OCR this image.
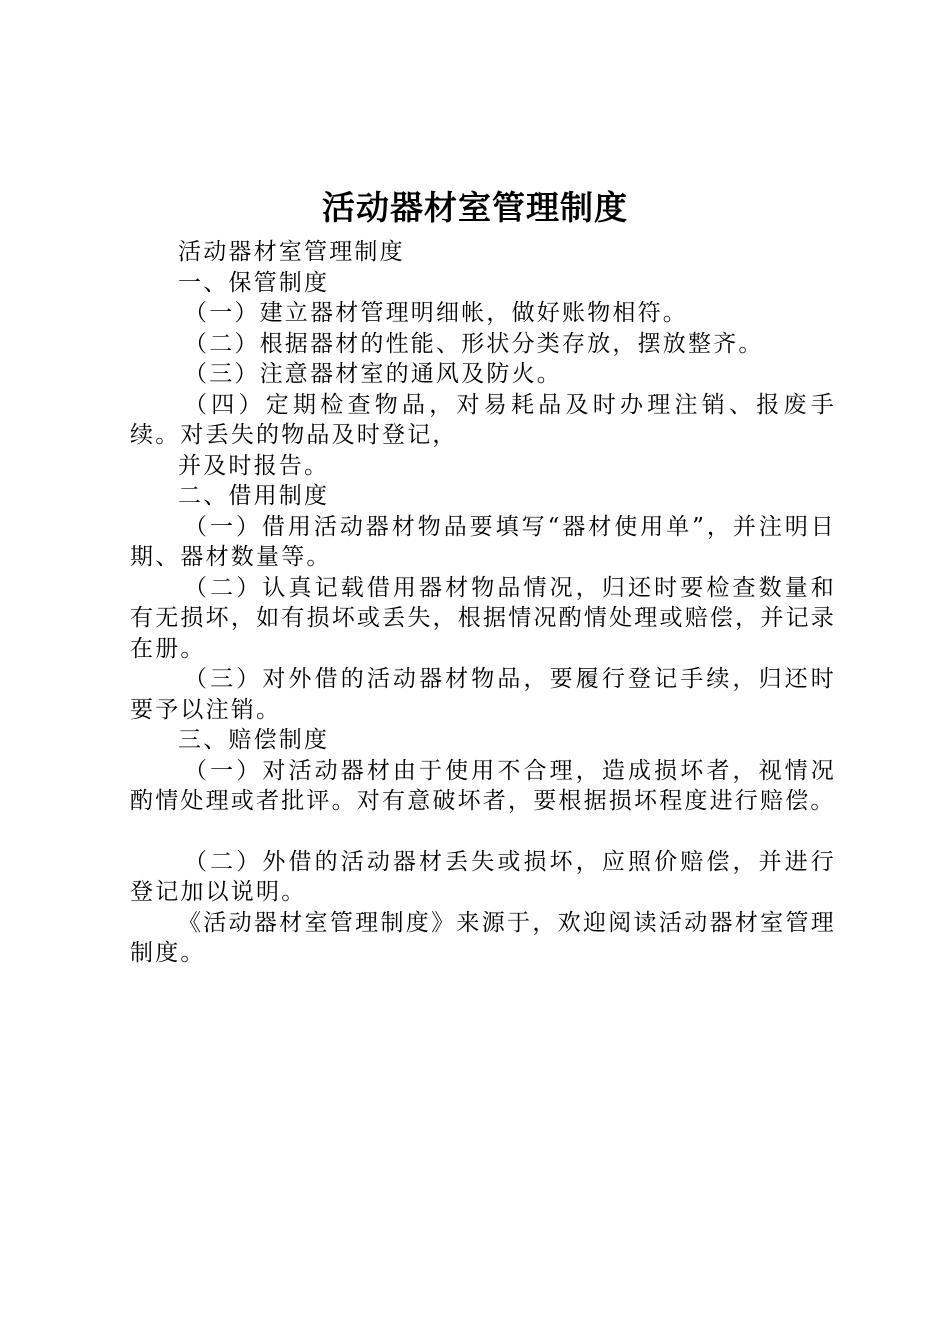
活动器材室管理制度

活动器材室管理制度

一、保管制度

（一）建立器材管理明细帐，做好账物相符。

（二）根据器材的性能、形状分类存放，摆放整齐。

（三）注意器材室的通风及防火。

（四）定期检查物品，对易耗品及时办理注销、报废手续。对丢失的物品及时登记，

并及时报告。

二、借用制度

（一）借用活动器材物品要填写“器材使用单”，并注明日期、器材数量等。

（二）认真记载借用器材物品情况，归还时要检查数量和有无损坏，如有损坏或丢失，根据情况酌情处理或赔偿，并记录在册。

（三）对外借的活动器材物品，要履行登记手续，归还时要予以注销。

三、赔偿制度

（一）对活动器材由于使用不合理，造成损坏者，视情况酌情处理或者批评。对有意破坏者，要根据损坏程度进行赔偿。

（二）外借的活动器材丢失或损坏，应照价赔偿，并进行登记加以说明。

《活动器材室管理制度》来源于，欢迎阅读活动器材室管理制度。
